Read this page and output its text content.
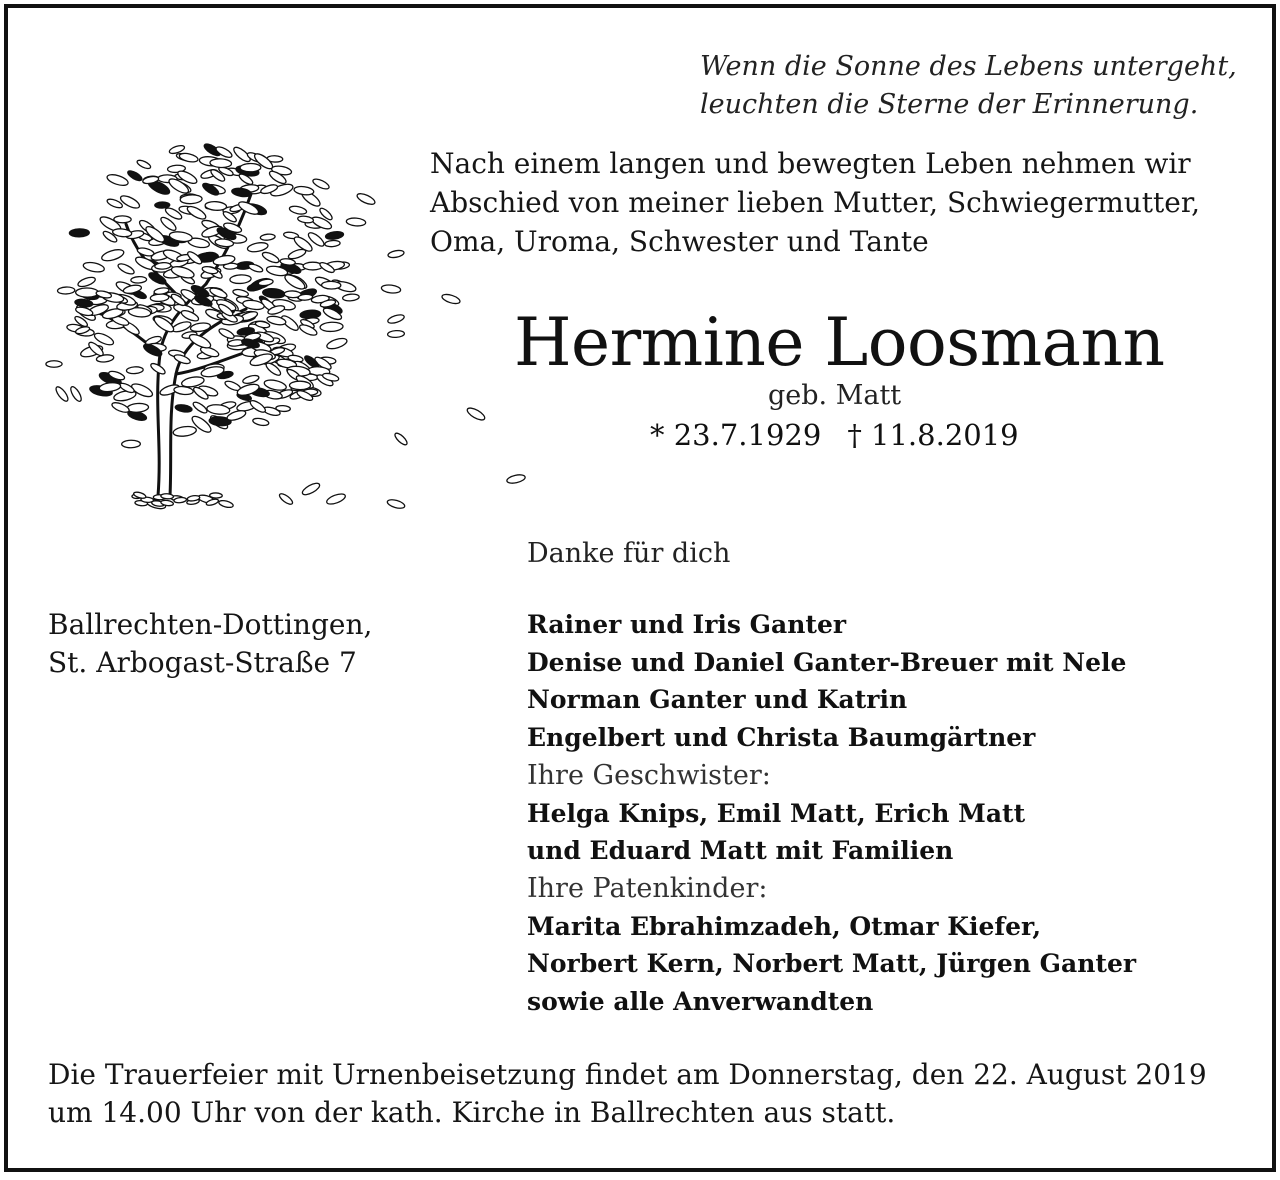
Wenn die Sonne des Lebens untergeht,
leuchten die Sterne der Erinnerung.
Nach einem langen und bewegten Leben nehmen wir
Abschied von meiner lieben Mutter, Schwiegermutter,
Oma, Uroma, Schwester und Tante
Hermine Loosmann
geb. Matt
* 23.7.1929 † 11.8.2019
Danke für dich
Ballrechten-Dottingen,
St. Arbogast-Straße 7
Rainer und Iris Ganter
Denise und Daniel Ganter-Breuer mit Nele
Norman Ganter und Katrin
Engelbert und Christa Baumgärtner
Ihre Geschwister:
Helga Knips, Emil Matt, Erich Matt
und Eduard Matt mit Familien
Ihre Patenkinder:
Marita Ebrahimzadeh, Otmar Kiefer,
Norbert Kern, Norbert Matt, Jürgen Ganter
sowie alle Anverwandten
Die Trauerfeier mit Urnenbeisetzung findet am Donnerstag, den 22. August 2019
um 14.00 Uhr von der kath. Kirche in Ballrechten aus statt.
